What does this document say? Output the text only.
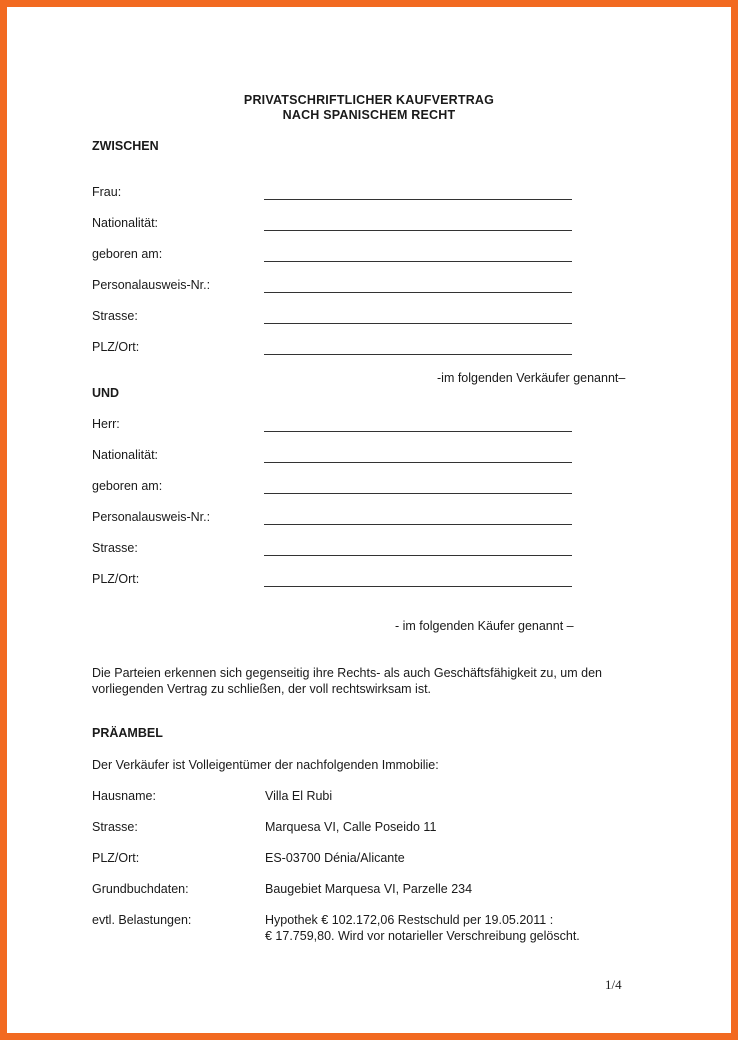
PRIVATSCHRIFTLICHER KAUFVERTRAG
NACH SPANISCHEM RECHT
ZWISCHEN
Frau:
Nationalität:
geboren am:
Personalausweis-Nr.:
Strasse:
PLZ/Ort:
-im folgenden Verkäufer genannt–
UND
Herr:
Nationalität:
geboren am:
Personalausweis-Nr.:
Strasse:
PLZ/Ort:
- im folgenden Käufer genannt –
Die Parteien erkennen sich gegenseitig ihre Rechts- als auch Geschäftsfähigkeit zu, um den
vorliegenden Vertrag zu schließen, der voll rechtswirksam ist.
PRÄAMBEL
Der Verkäufer ist Volleigentümer der nachfolgenden Immobilie:
Hausname:	Villa El Rubi
Strasse:	Marquesa VI, Calle Poseido 11
PLZ/Ort:	ES-03700 Dénia/Alicante
Grundbuchdaten:	Baugebiet Marquesa VI, Parzelle 234
evtl. Belastungen:	Hypothek € 102.172,06 Restschuld per 19.05.2011 :
€ 17.759,80. Wird vor notarieller Verschreibung gelöscht.
1/4
